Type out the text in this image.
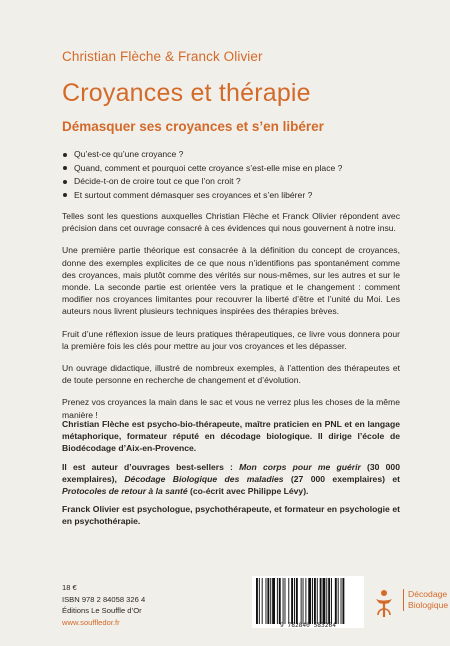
Christian Flèche & Franck Olivier
Croyances et thérapie
Démasquer ses croyances et s’en libérer
Qu’est-ce qu’une croyance ?
Quand, comment et pourquoi cette croyance s’est-elle mise en place ?
Décide-t-on de croire tout ce que l’on croit ?
Et surtout comment démasquer ses croyances et s’en libérer ?

Telles sont les questions auxquelles Christian Flèche et Franck Olivier répondent avec précision dans cet ouvrage consacré à ces évidences qui nous gouvernent à notre insu.

Une première partie théorique est consacrée à la définition du concept de croyances, donne des exemples explicites de ce que nous n’identifions pas spontanément comme des croyances, mais plutôt comme des vérités sur nous-mêmes, sur les autres et sur le monde. La seconde partie est orientée vers la pratique et le changement : comment modifier nos croyances limitantes pour recouvrer la liberté d’être et l’unité du Moi. Les auteurs nous livrent plusieurs techniques inspirées des thérapies brèves.

Fruit d’une réflexion issue de leurs pratiques thérapeutiques, ce livre vous donnera pour la première fois les clés pour mettre au jour vos croyances et les dépasser.

Un ouvrage didactique, illustré de nombreux exemples, à l’attention des thérapeutes et de toute personne en recherche de changement et d’évolution.

Prenez vos croyances la main dans le sac et vous ne verrez plus les choses de la même manière !

Christian Flèche est psycho-bio-thérapeute, maître praticien en PNL et en langage métaphorique, formateur réputé en décodage biologique. Il dirige l’école de Biodécodage d’Aix-en-Provence.

Il est auteur d’ouvrages best-sellers : Mon corps pour me guérir (30 000 exemplaires), Décodage Biologique des maladies (27 000 exemplaires) et Protocoles de retour à la santé (co-écrit avec Philippe Lévy).

Franck Olivier est psychologue, psychothérapeute, et formateur en psychologie et en psychothérapie.

18 €
ISBN 978 2 84058 326 4
Éditions Le Souffle d’Or
www.souffledor.fr	9 782840 583264
Décodage
Biologique
